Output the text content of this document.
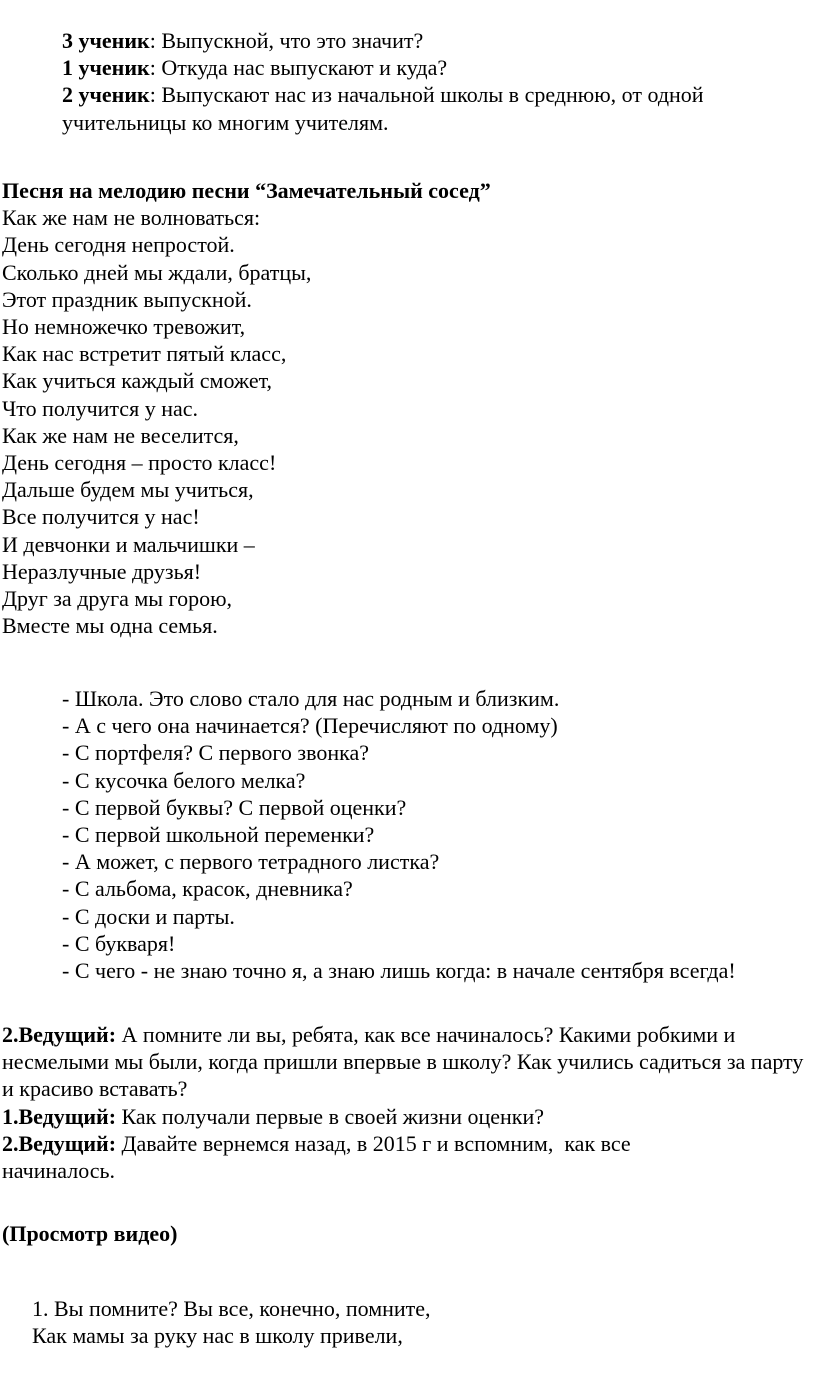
3 ученик: Выпускной, что это значит?
1 ученик: Откуда нас выпускают и куда?
2 ученик: Выпускают нас из начальной школы в среднюю, от одной учительницы ко многим учителям.
Песня на мелодию песни “Замечательный сосед”
Как же нам не волноваться:
День сегодня непростой.
Сколько дней мы ждали, братцы,
Этот праздник выпускной.
Но немножечко тревожит,
Как нас встретит пятый класс,
Как учиться каждый сможет,
Что получится у нас.
Как же нам не веселится,
День сегодня – просто класс!
Дальше будем мы учиться,
Все получится у нас!
И девчонки и мальчишки –
Неразлучные друзья!
Друг за друга мы горою,
Вместе мы одна семья.
- Школа. Это слово стало для нас родным и близким.
- А с чего она начинается? (Перечисляют по одному)
- С портфеля? С первого звонка?
- С кусочка белого мелка?
- С первой буквы? С первой оценки?
- С первой школьной переменки?
- А может, с первого тетрадного листка?
- С альбома, красок, дневника?
- С доски и парты.
- С букваря!
- С чего - не знаю точно я, а знаю лишь когда: в начале сентября всегда!
2.Ведущий: А помните ли вы, ребята, как все начиналось? Какими робкими и несмелыми мы были, когда пришли впервые в школу? Как учились садиться за парту и красиво вставать?
1.Ведущий: Как получали первые в своей жизни оценки?
2.Ведущий: Давайте вернемся назад, в 2015 г и вспомним,  как все начиналось.
(Просмотр видео)
1. Вы помните? Вы все, конечно, помните,
Как мамы за руку нас в школу привели,
